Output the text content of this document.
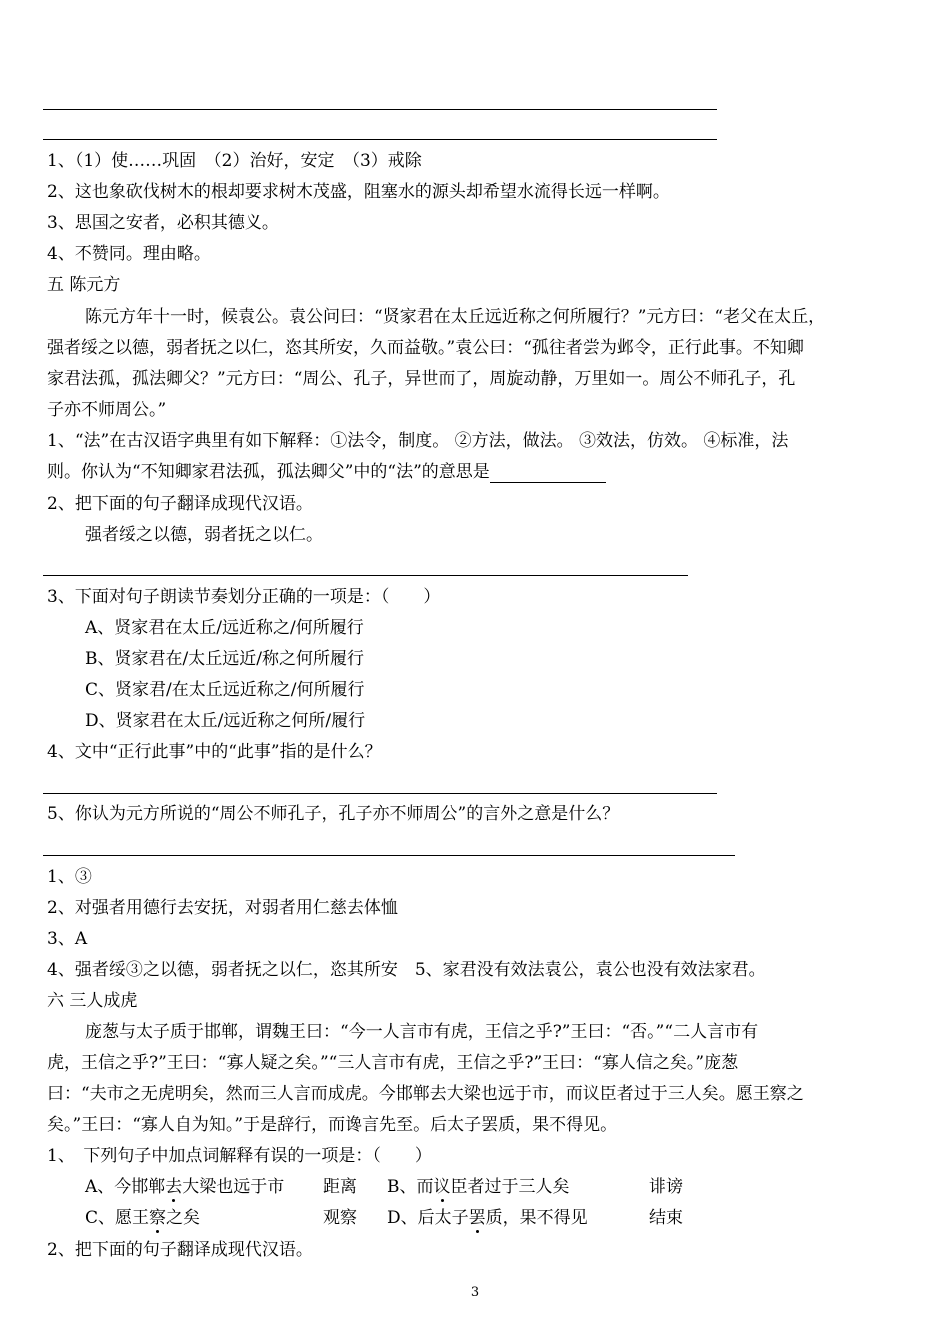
1、（1）使……巩固　（2）治好，安定　（3）戒除
2、这也象砍伐树木的根却要求树木茂盛，阻塞水的源头却希望水流得长远一样啊。
3、思国之安者，必积其德义。
4、不赞同。理由略。
五 陈元方
陈元方年十一时，候袁公。袁公问曰：“贤家君在太丘远近称之何所履行？”元方曰：“老父在太丘，
强者绥之以德，弱者抚之以仁，恣其所安，久而益敬。”袁公曰：“孤往者尝为邺令，正行此事。不知卿
家君法孤，孤法卿父？”元方曰：“周公、孔子，异世而了，周旋动静，万里如一。周公不师孔子，孔
子亦不师周公。”
1、“法”在古汉语字典里有如下解释：①法令，制度。 ②方法，做法。 ③效法，仿效。 ④标准，法
则。你认为“不知卿家君法孤，孤法卿父”中的“法”的意思是
2、把下面的句子翻译成现代汉语。
强者绥之以德，弱者抚之以仁。
3、下面对句子朗读节奏划分正确的一项是：（　　）
A、贤家君在太丘/远近称之/何所履行
B、贤家君在/太丘远近/称之何所履行
C、贤家君/在太丘远近称之/何所履行
D、贤家君在太丘/远近称之何所/履行
4、文中“正行此事”中的“此事”指的是什么？
5、你认为元方所说的“周公不师孔子，孔子亦不师周公”的言外之意是什么？
1、③
2、对强者用德行去安抚，对弱者用仁慈去体恤
3、A
4、强者绥③之以德，弱者抚之以仁，恣其所安　5、家君没有效法袁公，袁公也没有效法家君。
六 三人成虎
庞葱与太子质于邯郸，谓魏王曰：“今一人言市有虎，王信之乎?”王曰：“否。”“二人言市有
虎，王信之乎?”王曰：“寡人疑之矣。”“三人言市有虎，王信之乎?”王曰：“寡人信之矣。”庞葱
曰：“夫市之无虎明矣，然而三人言而成虎。今邯郸去大梁也远于市，而议臣者过于三人矣。愿王察之
矣。”王曰：“寡人自为知。”于是辞行，而谗言先至。后太子罢质，果不得见。
1、　下列句子中加点词解释有误的一项是：（　　）
A、今邯郸去大梁也远于市 距离 B、而议臣者过于三人矣	诽谤
C、愿王察之矣	观察 D、后太子罢质，果不得见	结束
2、把下面的句子翻译成现代汉语。
3
